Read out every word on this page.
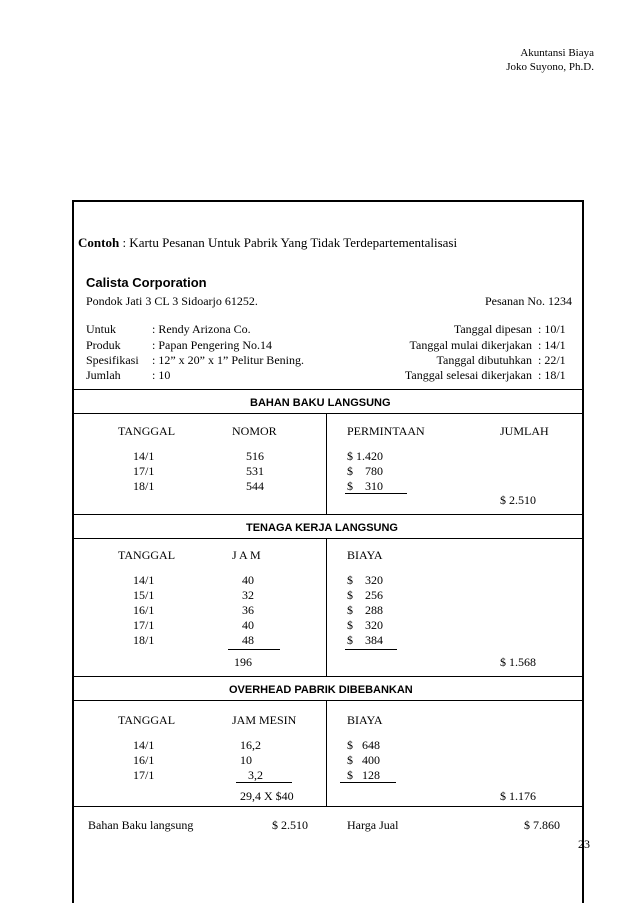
Akuntansi Biaya
Joko Suyono, Ph.D.
Contoh : Kartu Pesanan Untuk Pabrik Yang Tidak Terdepartementalisasi
Calista Corporation
Pondok Jati 3 CL 3 Sidoarjo 61252.	Pesanan No. 1234
Untuk	: Rendy Arizona Co.
Produk	: Papan Pengering No.14
Spesifikasi : 12” x 20” x 1” Pelitur Bening.
Jumlah	: 10
Tanggal dipesan : 10/1
Tanggal mulai dikerjakan : 14/1
Tanggal dibutuhkan : 22/1
Tanggal selesai dikerjakan : 18/1
BAHAN BAKU LANGSUNG
TANGGAL	NOMOR	PERMINTAAN	JUMLAH
14/1	516	$ 1.420
17/1	531	$    780
18/1	544	$    310
$ 2.510
TENAGA KERJA LANGSUNG
TANGGAL	J A M	BIAYA
14/1	40	$    320
15/1	32	$    256
16/1	36	$    288
17/1	40	$    320
18/1	48	$    384
196	$ 1.568
OVERHEAD PABRIK DIBEBANKAN
TANGGAL	JAM MESIN	BIAYA
14/1	16,2	$   648
16/1	10	$   400
17/1	3,2	$   128
29,4 X $40	$ 1.176
Bahan Baku langsung	$ 2.510	Harga Jual	$ 7.860
23
